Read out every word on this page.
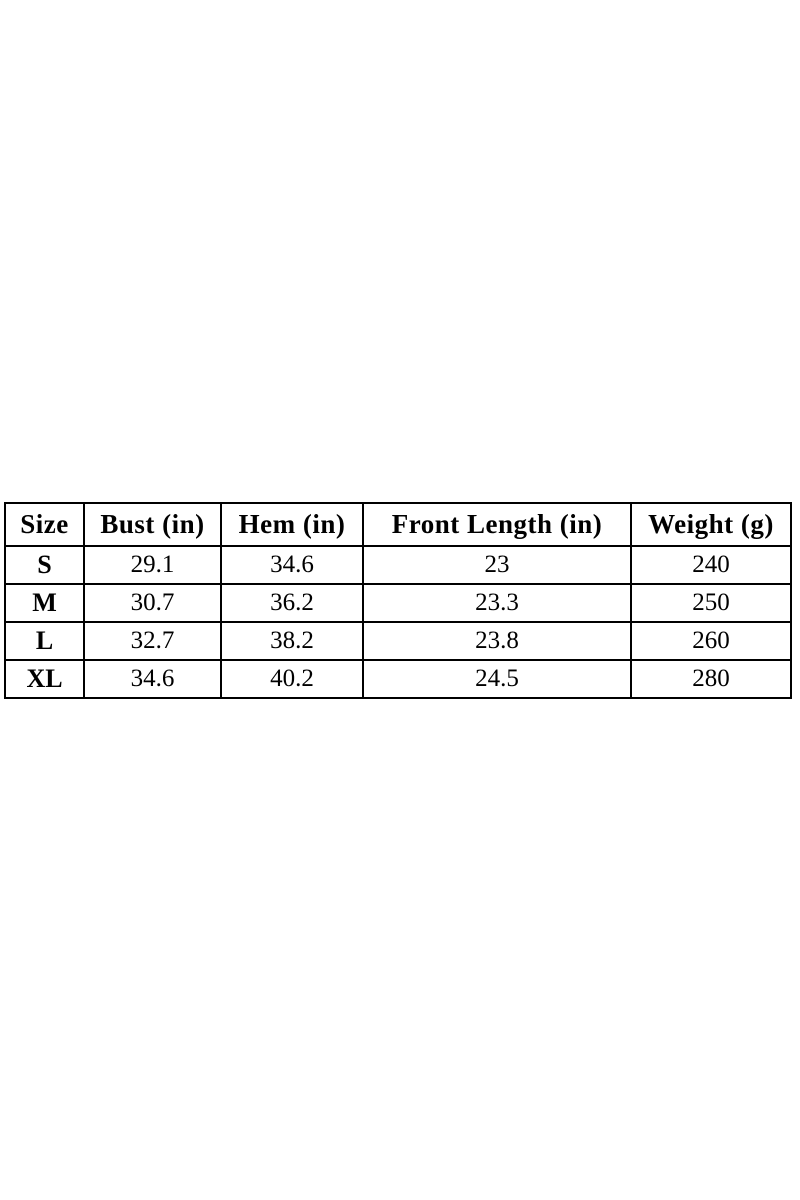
Size	Bust (in)	Hem (in)	Front Length (in)	Weight (g)
S	29.1	34.6	23	240
M	30.7	36.2	23.3	250
L	32.7	38.2	23.8	260
XL	34.6	40.2	24.5	280
